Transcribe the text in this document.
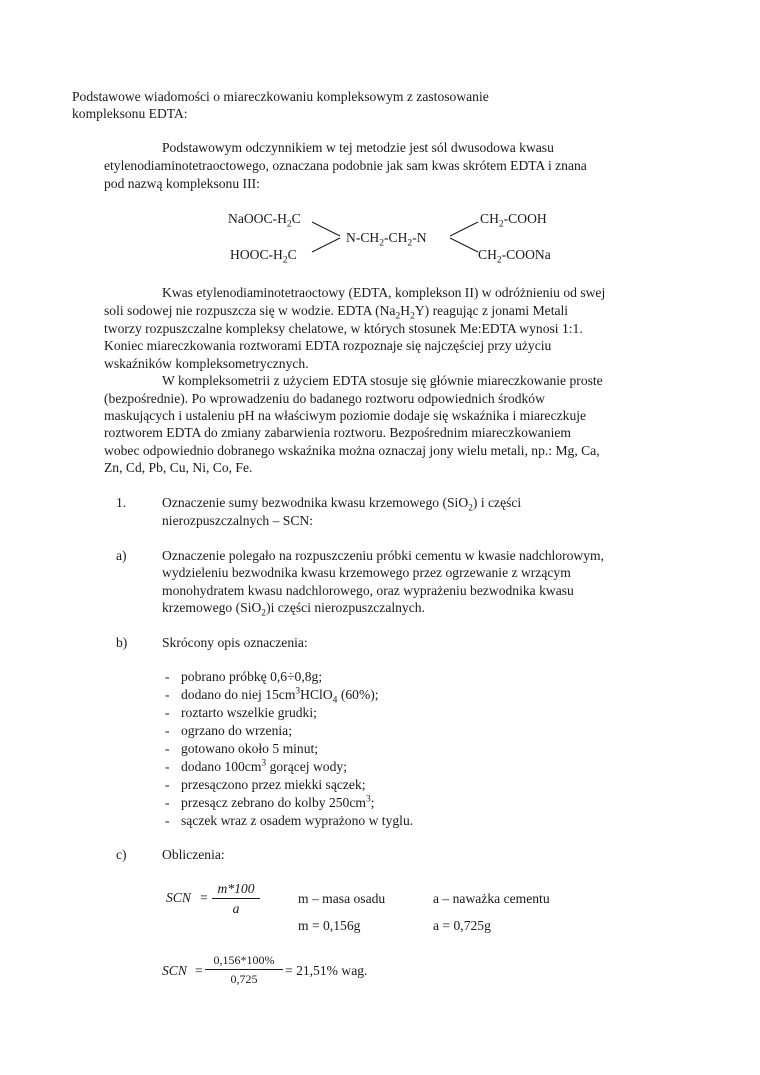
Podstawowe wiadomości o miareczkowaniu kompleksowym z zastosowanie
kompleksonu EDTA:
Podstawowym odczynnikiem w tej metodzie jest sól dwusodowa kwasu
etylenodiaminotetraoctowego, oznaczana podobnie jak sam kwas skrótem EDTA i znana
pod nazwą kompleksonu III:
NaOOC-$H_2C$
HOOC-$H_2C$
$N-CH_2-CH_2-N$
$CH_2$-COOH
$CH_2$-COONa
Kwas etylenodiaminotetraoctowy (EDTA, komplekson II) w odróżnieniu od swej
soli sodowej nie rozpuszcza się w wodzie. EDTA $(Na_2H_2Y)$ reagując z jonami Metali
tworzy rozpuszczalne kompleksy chelatowe, w których stosunek Me:EDTA wynosi 1:1.
Koniec miareczkowania roztworami EDTA rozpoznaje się najczęściej przy użyciu
wskaźników kompleksometrycznych.
W kompleksometrii z użyciem EDTA stosuje się głównie miareczkowanie proste
(bezpośrednie). Po wprowadzeniu do badanego roztworu odpowiednich środków
maskujących i ustaleniu pH na właściwym poziomie dodaje się wskaźnika i miareczkuje
roztworem EDTA do zmiany zabarwienia roztworu. Bezpośrednim miareczkowaniem
wobec odpowiednio dobranego wskaźnika można oznaczaj jony wielu metali, np.: Mg, Ca,
Zn, Cd, Pb, Cu, Ni, Co, Fe.
1.	Oznaczenie sumy bezwodnika kwasu krzemowego (SiO$_2$) i części
nierozpuszczalnych – SCN:
a)	Oznaczenie polegało na rozpuszczeniu próbki cementu w kwasie nadchlorowym,
wydzieleniu bezwodnika kwasu krzemowego przez ogrzewanie z wrzącym
monohydratem kwasu nadchlorowego, oraz wyprażeniu bezwodnika kwasu
krzemowego (SiO$_2$)i części nierozpuszczalnych.
b)	Skrócony opis oznaczenia:
- pobrano próbkę 0,6÷0,8g;
- dodano do niej $15cm^3HClO_4$ (60%);
- roztarto wszelkie grudki;
- ogrzano do wrzenia;
- gotowano około 5 minut;
- dodano $100cm^3$ gorącej wody;
- przesączono przez miekki sączek;
- przesącz zebrano do kolby $250cm^3$;
- sączek wraz z osadem wyprażono w tyglu.
c)	Obliczenia:
SCN =
m*100
a
m – masa osadu	a – naważka cementu
m = 0,156g	a = 0,725g
SCN =
0,156*100%
0,725
= 21,51% wag.
